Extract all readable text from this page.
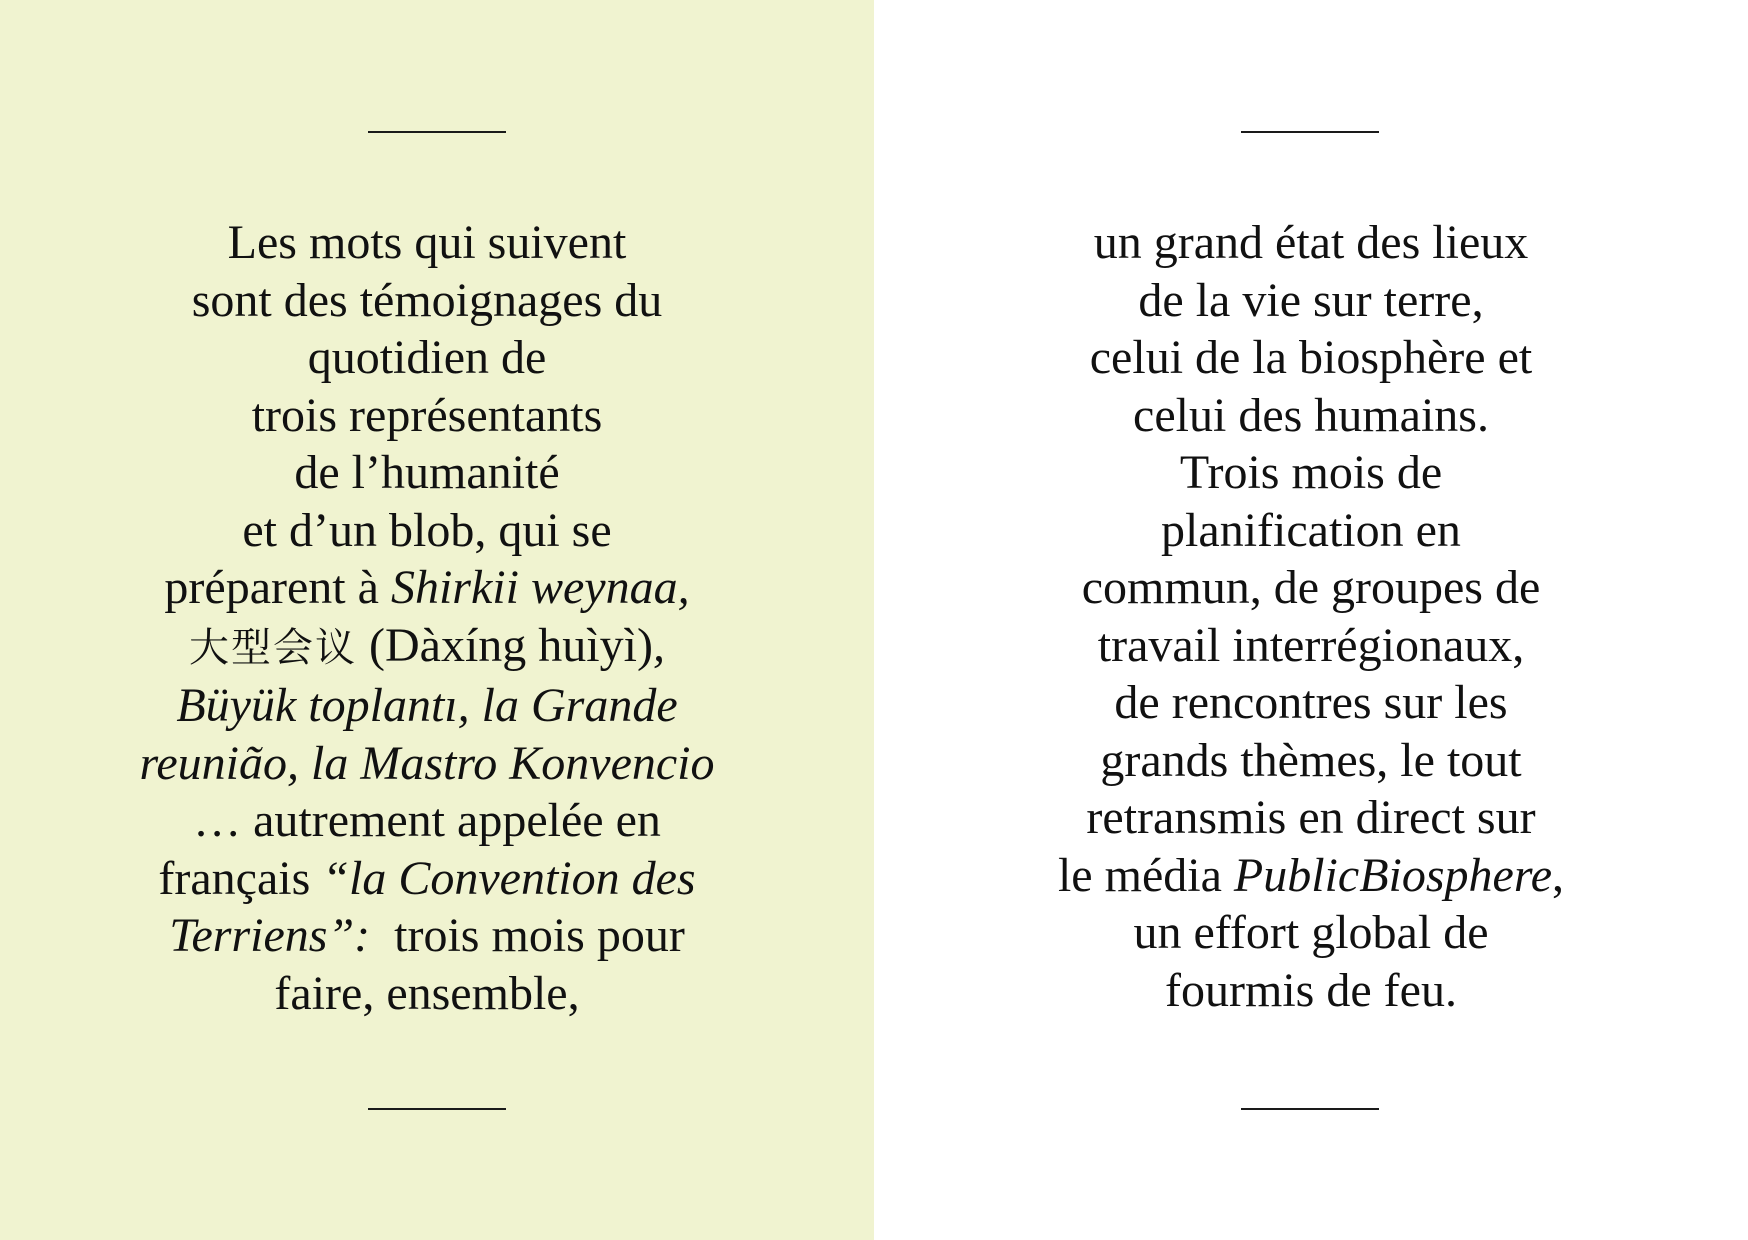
Les mots qui suivent
sont des témoignages du
quotidien de
trois représentants
de l’humanité
et d’un blob, qui se
préparent à Shirkii weynaa,
大型会议 (Dàxíng huìyì),
Büyük toplantı, la Grande
reunião, la Mastro Konvencio
… autrement appelée en
français “la Convention des
Terriens”:  trois mois pour
faire, ensemble,

un grand état des lieux
de la vie sur terre,
celui de la biosphère et
celui des humains.
Trois mois de
planification en
commun, de groupes de
travail interrégionaux,
de rencontres sur les
grands thèmes, le tout
retransmis en direct sur
le média PublicBiosphere,
un effort global de
fourmis de feu.
